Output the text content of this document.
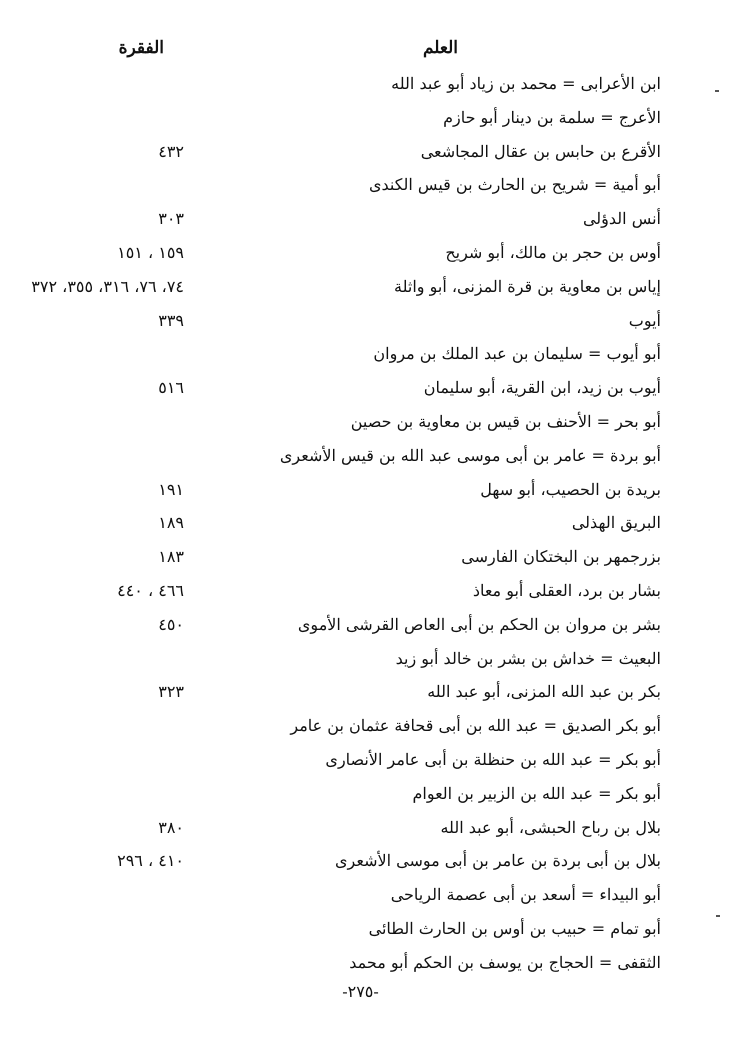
العلم
الفقرة
ابن الأعرابى = محمد بن زياد أبو عبد الله
الأعرج = سلمة بن دينار أبو حازم
الأقرع بن حابس بن عقال المجاشعى
٤٣٢
أبو أمية = شريح بن الحارث بن قيس الكندى
أنس الدؤلى
٣٠٣
أوس بن حجر بن مالك، أبو شريح
١٥٩ ، ١٥١
إياس بن معاوية بن قرة المزنى، أبو واثلة
٧٤، ٧٦، ٣١٦، ٣٥٥، ٣٧٢
أيوب
٣٣٩
أبو أيوب = سليمان بن عبد الملك بن مروان
أيوب بن زيد، ابن القرية، أبو سليمان
٥١٦
أبو بحر = الأحنف بن قيس بن معاوية بن حصين
أبو بردة = عامر بن أبى موسى عبد الله بن قيس الأشعرى
بريدة بن الحصيب، أبو سهل
١٩١
البريق الهذلى
١٨٩
بزرجمهر بن البختكان الفارسى
١٨٣
بشار بن برد، العقلى أبو معاذ
٤٦٦ ، ٤٤٠
بشر بن مروان بن الحكم بن أبى العاص القرشى الأموى
٤٥٠
البعيث = خداش بن بشر بن خالد أبو زيد
بكر بن عبد الله المزنى، أبو عبد الله
٣٢٣
أبو بكر الصديق = عبد الله بن أبى قحافة عثمان بن عامر
أبو بكر = عبد الله بن حنظلة بن أبى عامر الأنصارى
أبو بكر = عبد الله بن الزبير بن العوام
بلال بن رباح الحبشى، أبو عبد الله
٣٨٠
بلال بن أبى بردة بن عامر بن أبى موسى الأشعرى
٤١٠ ، ٢٩٦
أبو البيداء = أسعد بن أبى عصمة الرياحى
أبو تمام = حبيب بن أوس بن الحارث الطائى
الثقفى = الحجاج بن يوسف بن الحكم أبو محمد
-٢٧٥-
